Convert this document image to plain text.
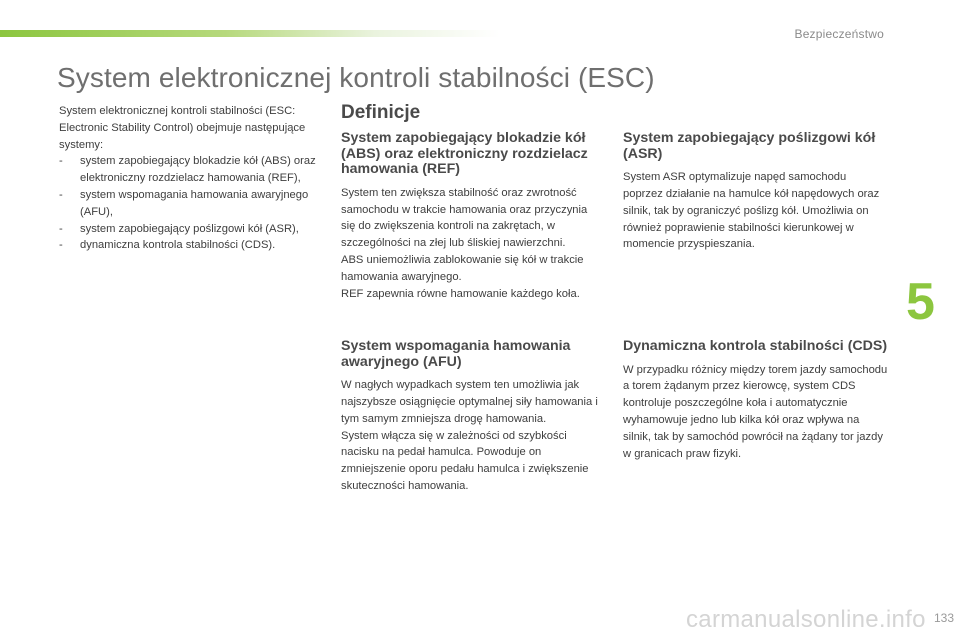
Bezpieczeństwo
System elektronicznej kontroli stabilności (ESC)

System elektronicznej kontroli stabilności (ESC: Electronic Stability Control) obejmuje następujące systemy:

- system zapobiegający blokadzie kół (ABS) oraz elektroniczny rozdzielacz hamowania (REF),
- system wspomagania hamowania awaryjnego (AFU),
- system zapobiegający poślizgowi kół (ASR),
- dynamiczna kontrola stabilności (CDS).
Definicje
System zapobiegający blokadzie kół (ABS) oraz elektroniczny rozdzielacz hamowania (REF)

System ten zwiększa stabilność oraz zwrotność samochodu w trakcie hamowania oraz przyczynia się do zwiększenia kontroli na zakrętach, w szczególności na złej lub śliskiej nawierzchni.
ABS uniemożliwia zablokowanie się kół w trakcie hamowania awaryjnego.
REF zapewnia równe hamowanie każdego koła.

System zapobiegający poślizgowi kół (ASR)

System ASR optymalizuje napęd samochodu poprzez działanie na hamulce kół napędowych oraz silnik, tak by ograniczyć poślizg kół. Umożliwia on również poprawienie stabilności kierunkowej w momencie przyspieszania.

System wspomagania hamowania awaryjnego (AFU)

W nagłych wypadkach system ten umożliwia jak najszybsze osiągnięcie optymalnej siły hamowania i tym samym zmniejsza drogę hamowania.
System włącza się w zależności od szybkości nacisku na pedał hamulca. Powoduje on zmniejszenie oporu pedału hamulca i zwiększenie skuteczności hamowania.

Dynamiczna kontrola stabilności (CDS)

W przypadku różnicy między torem jazdy samochodu a torem żądanym przez kierowcę, system CDS kontroluje poszczególne koła i automatycznie wyhamowuje jedno lub kilka kół oraz wpływa na silnik, tak by samochód powrócił na żądany tor jazdy w granicach praw fizyki.

5
carmanualsonline.info 133
